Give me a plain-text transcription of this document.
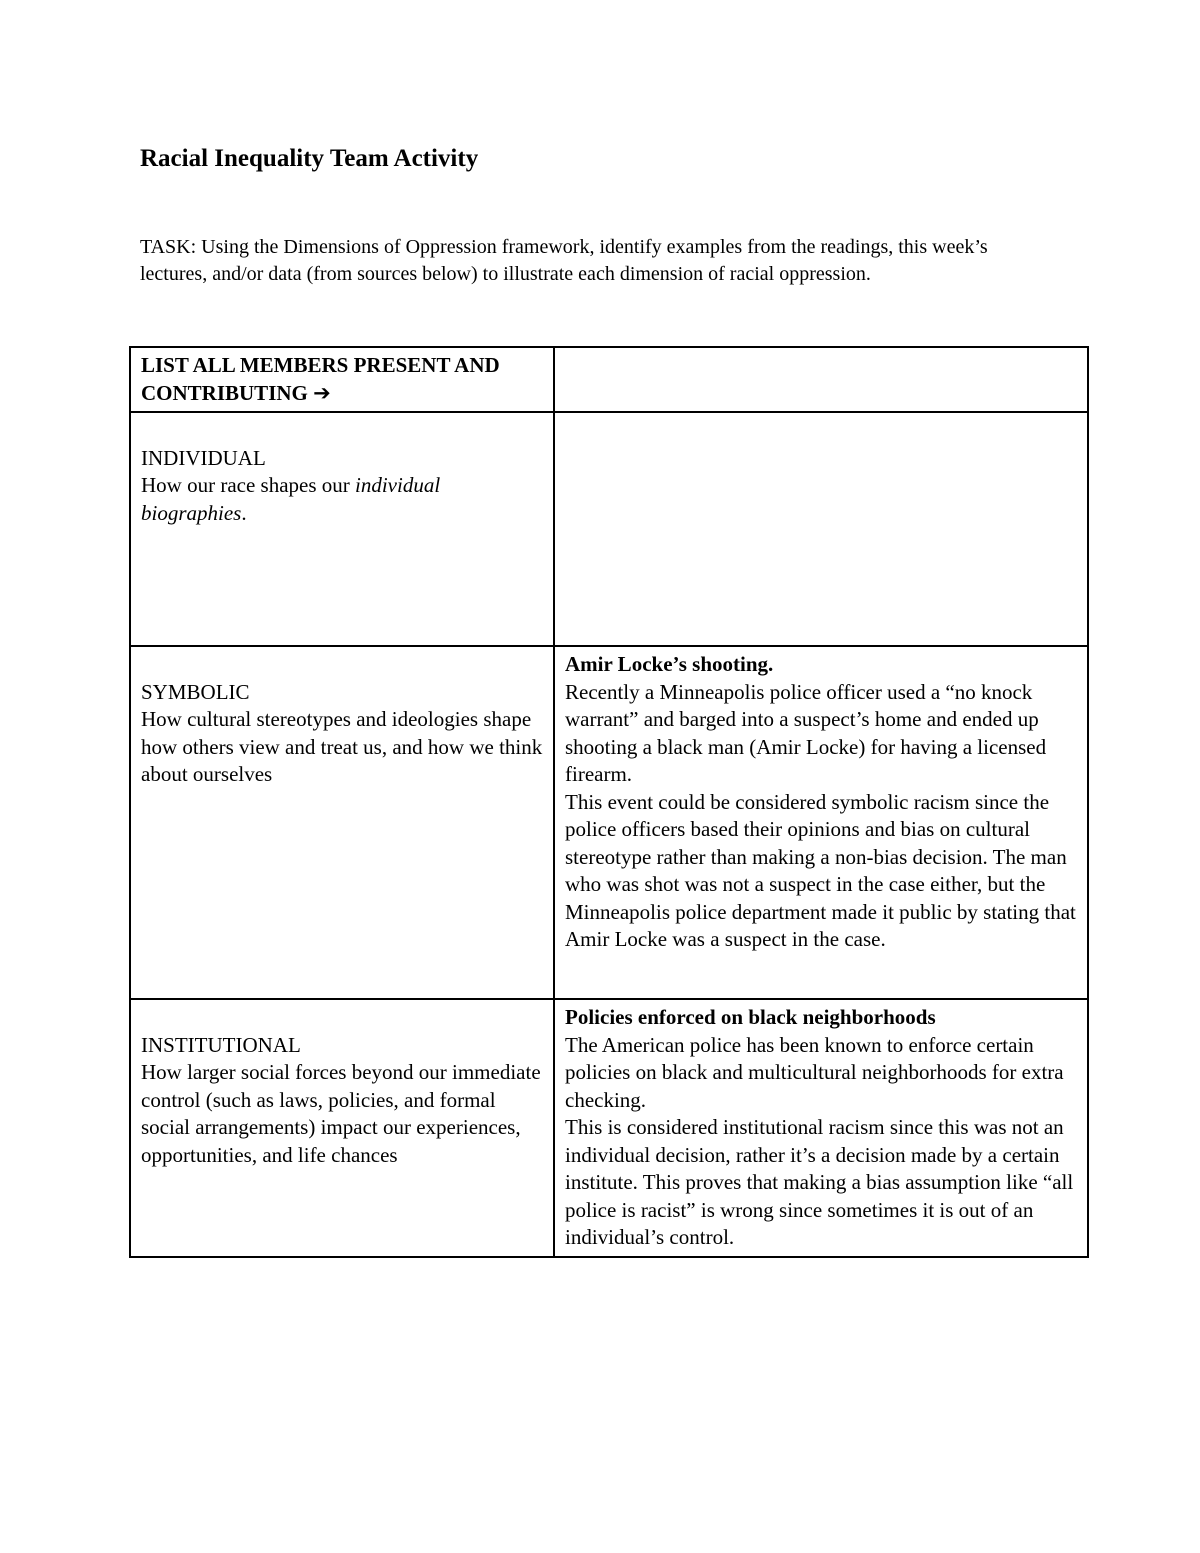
Racial Inequality Team Activity

TASK: Using the Dimensions of Oppression framework, identify examples from the readings, this week’s
lectures, and/or data (from sources below) to illustrate each dimension of racial oppression.

LIST ALL MEMBERS PRESENT AND CONTRIBUTING ➔	

INDIVIDUAL
How our race shapes our individual biographies.	

SYMBOLIC
How cultural stereotypes and ideologies shape how others view and treat us, and how we think about ourselves	Amir Locke’s shooting.
Recently a Minneapolis police officer used a “no knock warrant” and barged into a suspect’s home and ended up shooting a black man (Amir Locke) for having a licensed firearm.
This event could be considered symbolic racism since the police officers based their opinions and bias on cultural stereotype rather than making a non-bias decision. The man who was shot was not a suspect in the case either, but the Minneapolis police department made it public by stating that Amir Locke was a suspect in the case.

INSTITUTIONAL
How larger social forces beyond our immediate control (such as laws, policies, and formal social arrangements) impact our experiences, opportunities, and life chances	Policies enforced on black neighborhoods
The American police has been known to enforce certain policies on black and multicultural neighborhoods for extra checking.
This is considered institutional racism since this was not an individual decision, rather it’s a decision made by a certain institute. This proves that making a bias assumption like “all police is racist” is wrong since sometimes it is out of an individual’s control.
